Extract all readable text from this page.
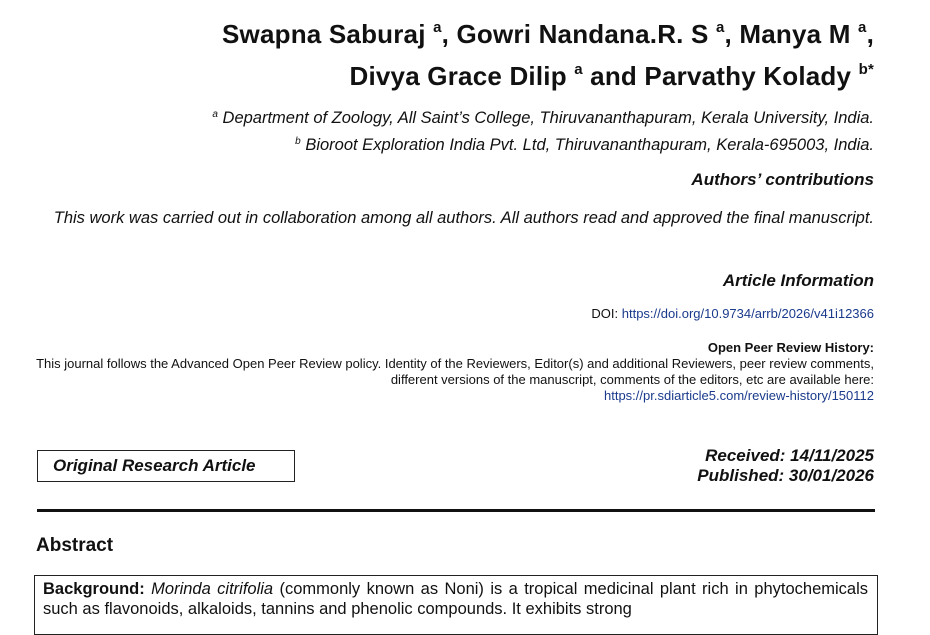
Swapna Saburaj $^a$, Gowri Nandana.R. S $^a$, Manya M $^a$,
Divya Grace Dilip $^a$ and Parvathy Kolady $^{b*}$
$^a$ Department of Zoology, All Saint’s College, Thiruvananthapuram, Kerala University, India.
$^b$ Bioroot Exploration India Pvt. Ltd, Thiruvananthapuram, Kerala-695003, India.
Authors’ contributions
This work was carried out in collaboration among all authors. All authors read and approved the final manuscript.
Article Information
DOI: https://doi.org/10.9734/arrb/2026/v41i12366
Open Peer Review History:
This journal follows the Advanced Open Peer Review policy. Identity of the Reviewers, Editor(s) and additional Reviewers, peer review comments, different versions of the manuscript, comments of the editors, etc are available here:
https://pr.sdiarticle5.com/review-history/150112
Original Research Article
Received: 14/11/2025
Published: 30/01/2026
Abstract
Background: Morinda citrifolia (commonly known as Noni) is a tropical medicinal plant rich in phytochemicals such as flavonoids, alkaloids, tannins and phenolic compounds. It exhibits strong
